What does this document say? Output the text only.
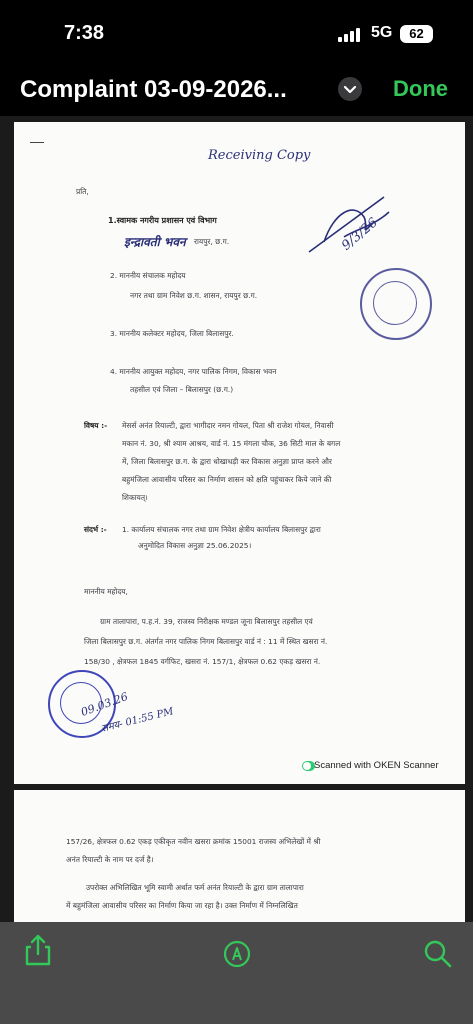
7:38	5G	62
Complaint 03-09-2026...	Done
Receiving Copy
प्रति,
1.स्वामक नगरीय प्रशासन एवं विभाग
इन्द्रावती भवन रायपुर, छ.ग.	9/3/26
2. माननीय संचालक महोदय
नगर तथा ग्राम निवेश छ.ग. शासन, रायपुर छ.ग.
3. माननीय कलेक्टर महोदय, जिला बिलासपुर.
4. माननीय आयुक्त महोदय, नगर पालिक निगम, विकास भवन
तहसील एवं जिला – बिलासपुर (छ.ग.)
विषय :- मेसर्स अनंत रियाल्टी, द्वारा भागीदार नमन गोयल, पिता श्री राजेश गोयल, निवासी
मकान नं. 30, श्री श्याम आश्रय, वार्ड नं. 15 मंगला चौक, 36 सिटी माल के बगल
में, जिला बिलासपुर छ.ग. के द्वारा धोखाधड़ी कर विकास अनुज्ञा प्राप्त करने और
बहुमंजिला आवासीय परिसर का निर्माण शासन को क्षति पहुंचाकर किये जाने की
शिकायत्।
संदर्भ :- 1. कार्यालय संचालक नगर तथा ग्राम निवेश क्षेत्रीय कार्यालय बिलासपुर द्वारा
अनुमोदित विकास अनुज्ञा 25.06.2025।
माननीय महोदय,
ग्राम तालापारा, प.ह.नं. 39, राजस्व निरीक्षक मण्डल जूना बिलासपुर तहसील एवं
जिला बिलासपुर छ.ग. अंतर्गत नगर पालिक निगम बिलासपुर वार्ड नं : 11 में स्थित खसरा नं.
158/30 , क्षेत्रफल 1845 वर्गफिट, खसरा नं. 157/1, क्षेत्रफल 0.62 एकड़ खसरा नं.
09.03.26
समय- 01:55 PM
Scanned with OKEN Scanner
157/26, क्षेत्रफल 0.62 एकड़ एकीकृत नवीन खसरा क्रमांक 15001 राजस्व अभिलेखों में श्री
अनंत रियाल्टी के नाम पर दर्ज है।
उपरोक्त अभिलिखित भूमि स्वामी अर्थात फर्म अनंत रियाल्टी के द्वारा ग्राम तालापारा
में बहुमंजिला आवासीय परिसर का निर्माण किया जा रहा है। उक्त निर्माण में निम्नलिखित
